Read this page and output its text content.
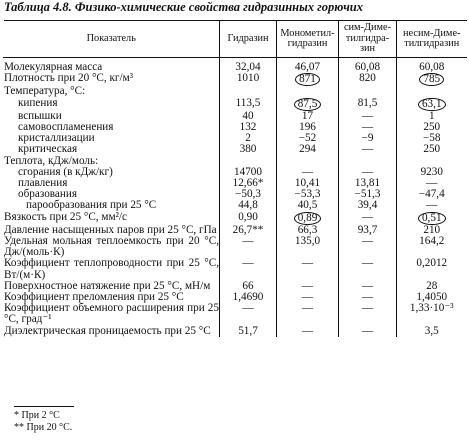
Таблица 4.8. Физико-химические свойства гидразинных горючих
Показатель	Гидразин	Монометилгидразин	сим-Диметилгидразин	несим-Диметилгидразин

Молекулярная масса	32,04	46,07	60,08	60,08
Плотность при 20 °С, кг/м³	1010	871	820	785
Температура, °С:				
кипения	113,5	87,5	81,5	63,1
вспышки	40	17	—	1
самовоспламенения	132	196	—	250
кристаллизации	2	−52	−9	−58
критическая	380	294	—	250
Теплота, кДж/моль:				
сгорания (в кДж/кг)	14700	—	—	9230
плавления	12,66*	10,41	13,81	—
образования	−50,3	−53,3	−51,3	−47,4
парообразования при 25 °С	44,8	40,5	39,4	—
Вязкость при 25 °С, мм²/с	0,90	0,89	—	0,51
Давление насыщенных паров при 25 °С, гПа	26,7**	66,3	93,7	210
Удельная мольная теплоемкость при 20 °С, Дж/(моль·К)	—	135,0	—	164,2
Коэффициент теплопроводности при 25 °С, Вт/(м·К)	—	—	—	0,2012
Поверхностное натяжение при 25 °С, мН/м	66	—	—	28
Коэффициент преломления при 25 °С	1,4690	—	—	1,4050
Коэффициент объемного расширения при 25 °С, град⁻¹	—	—	—	1,33·10⁻³
Диэлектрическая проницаемость при 25 °С	51,7	—	—	3,5
* При 2 °С
** При 20 °С.
